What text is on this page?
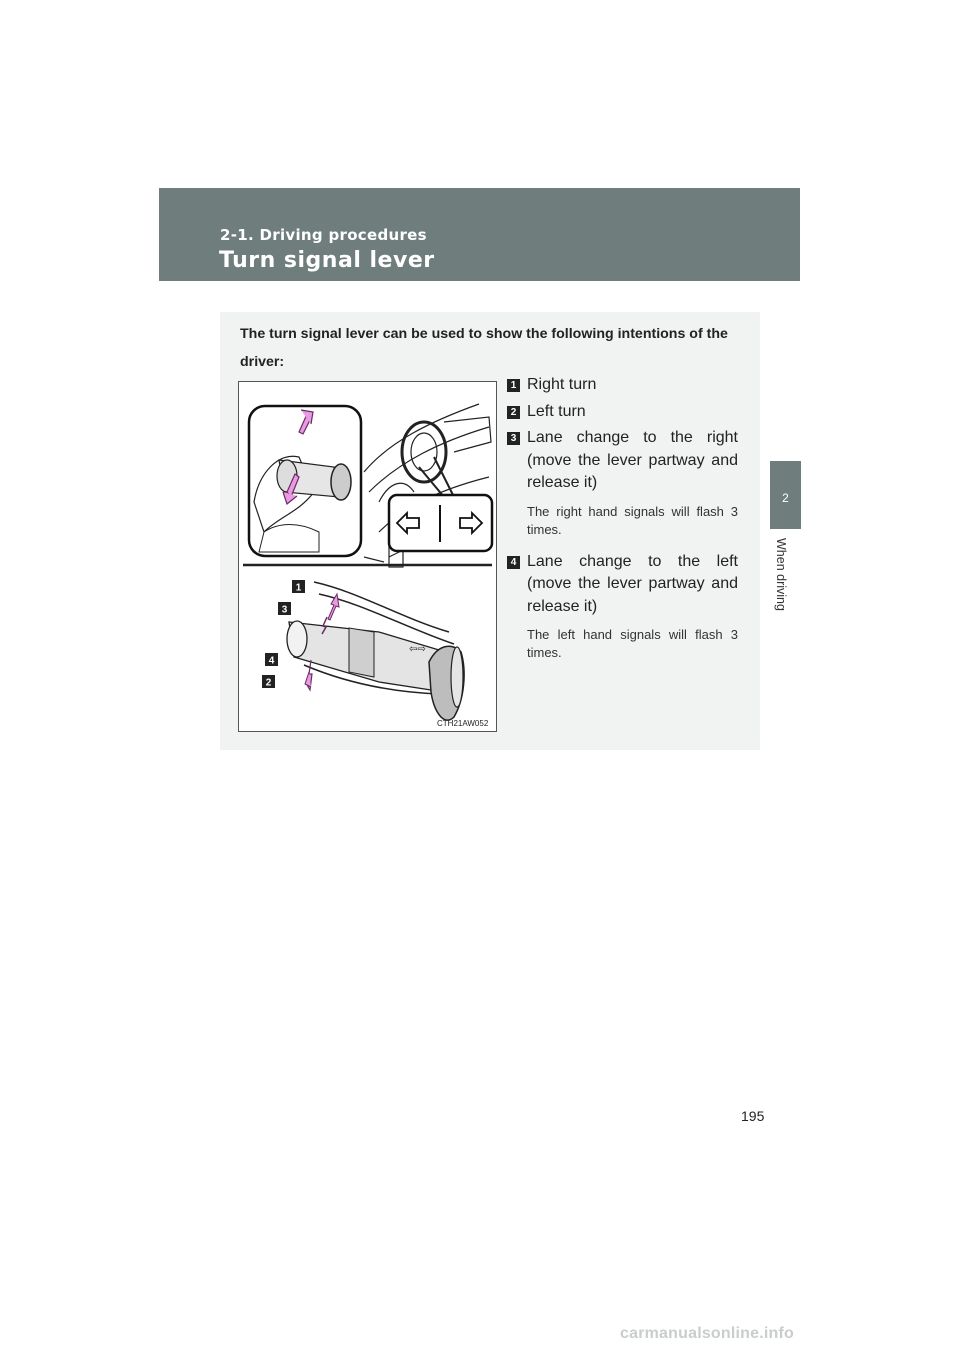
2-1. Driving procedures
Turn signal lever
2
When driving
The turn signal lever can be used to show the following intentions of the driver:
⇦⇨
1
3
4
2
CTH21AW052
1 Right turn
2 Left turn
3 Lane change to the right (move the lever partway and release it)
The right hand signals will flash 3 times.
4 Lane change to the left (move the lever partway and release it)
The left hand signals will flash 3 times.
195
carmanualsonline.info
